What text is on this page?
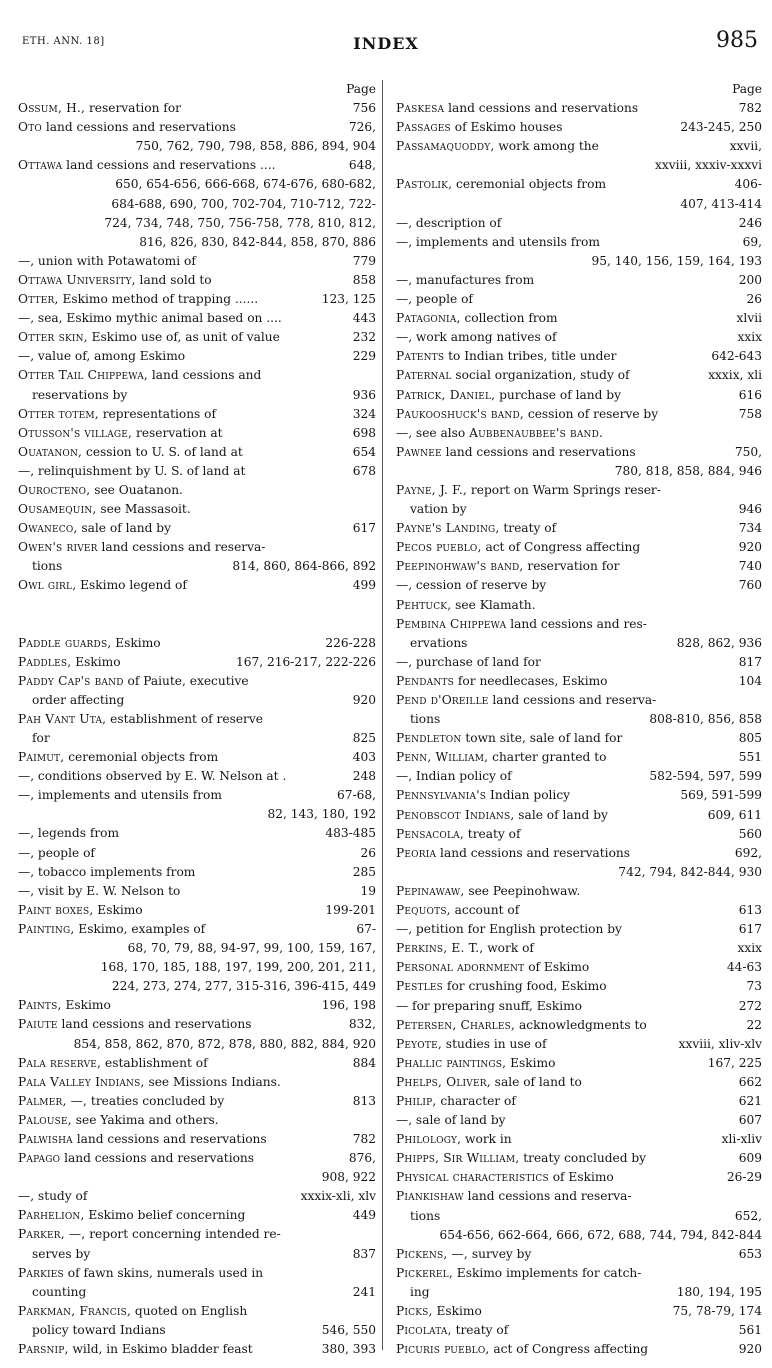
ETH. ANN. 18]	INDEX	985
Page
Ossum, H., reservation for	756
Oto land cessions and reservations	726,
750, 762, 790, 798, 858, 886, 894, 904
Ottawa land cessions and reservations ....	648,
650, 654-656, 666-668, 674-676, 680-682,
684-688, 690, 700, 702-704, 710-712, 722-
724, 734, 748, 750, 756-758, 778, 810, 812,
816, 826, 830, 842-844, 858, 870, 886
—, union with Potawatomi of	779
Ottawa University, land sold to	858
Otter, Eskimo method of trapping ......	123, 125
—, sea, Eskimo mythic animal based on ....	443
Otter skin, Eskimo use of, as unit of value	232
—, value of, among Eskimo	229
Otter Tail Chippewa, land cessions and
reservations by	936
Otter totem, representations of	324
Otusson's village, reservation at	698
Ouatanon, cession to U. S. of land at	654
—, relinquishment by U. S. of land at	678
Ourocteno, see Ouatanon.
Ousamequin, see Massasoit.
Owaneco, sale of land by	617
Owen's river land cessions and reserva-
tions	814, 860, 864-866, 892
Owl girl, Eskimo legend of	499
Paddle guards, Eskimo	226-228
Paddles, Eskimo	167, 216-217, 222-226
Paddy Cap's band of Paiute, executive
order affecting	920
Pah Vant Uta, establishment of reserve
for	825
Paimut, ceremonial objects from	403
—, conditions observed by E. W. Nelson at .	248
—, implements and utensils from	67-68,
82, 143, 180, 192
—, legends from	483-485
—, people of	26
—, tobacco implements from	285
—, visit by E. W. Nelson to	19
Paint boxes, Eskimo	199-201
Painting, Eskimo, examples of	67-
68, 70, 79, 88, 94-97, 99, 100, 159, 167,
168, 170, 185, 188, 197, 199, 200, 201, 211,
224, 273, 274, 277, 315-316, 396-415, 449
Paints, Eskimo	196, 198
Paiute land cessions and reservations	832,
854, 858, 862, 870, 872, 878, 880, 882, 884, 920
Pala reserve, establishment of	884
Pala Valley Indians, see Missions Indians.
Palmer, —, treaties concluded by	813
Palouse, see Yakima and others.
Palwisha land cessions and reservations	782
Papago land cessions and reservations	876,
908, 922
—, study of	xxxix-xli, xlv
Parhelion, Eskimo belief concerning	449
Parker, —, report concerning intended re-
serves by	837
Parkies of fawn skins, numerals used in
counting	241
Parkman, Francis, quoted on English
policy toward Indians	546, 550
Parsnip, wild, in Eskimo bladder feast	380, 393
Page
Paskesa land cessions and reservations	782
Passages of Eskimo houses	243-245, 250
Passamaquoddy, work among the	xxvii,
xxviii, xxxiv-xxxvi
Pastolik, ceremonial objects from	406-
407, 413-414
—, description of	246
—, implements and utensils from	69,
95, 140, 156, 159, 164, 193
—, manufactures from	200
—, people of	26
Patagonia, collection from	xlvii
—, work among natives of	xxix
Patents to Indian tribes, title under	642-643
Paternal social organization, study of	xxxix, xli
Patrick, Daniel, purchase of land by	616
Paukooshuck's band, cession of reserve by	758
—, see also Aubbenaubbee's band.
Pawnee land cessions and reservations	750,
780, 818, 858, 884, 946
Payne, J. F., report on Warm Springs reser-
vation by	946
Payne's Landing, treaty of	734
Pecos pueblo, act of Congress affecting	920
Peepinohwaw's band, reservation for	740
—, cession of reserve by	760
Pehtuck, see Klamath.
Pembina Chippewa land cessions and res-
ervations	828, 862, 936
—, purchase of land for	817
Pendants for needlecases, Eskimo	104
Pend d'Oreille land cessions and reserva-
tions	808-810, 856, 858
Pendleton town site, sale of land for	805
Penn, William, charter granted to	551
—, Indian policy of	582-594, 597, 599
Pennsylvania's Indian policy	569, 591-599
Penobscot Indians, sale of land by	609, 611
Pensacola, treaty of	560
Peoria land cessions and reservations	692,
742, 794, 842-844, 930
Pepinawaw, see Peepinohwaw.
Pequots, account of	613
—, petition for English protection by	617
Perkins, E. T., work of	xxix
Personal adornment of Eskimo	44-63
Pestles for crushing food, Eskimo	73
— for preparing snuff, Eskimo	272
Petersen, Charles, acknowledgments to	22
Peyote, studies in use of	xxviii, xliv-xlv
Phallic paintings, Eskimo	167, 225
Phelps, Oliver, sale of land to	662
Philip, character of	621
—, sale of land by	607
Philology, work in	xli-xliv
Phipps, Sir William, treaty concluded by	609
Physical characteristics of Eskimo	26-29
Piankishaw land cessions and reserva-
tions	652,
654-656, 662-664, 666, 672, 688, 744, 794, 842-844
Pickens, —, survey by	653
Pickerel, Eskimo implements for catch-
ing	180, 194, 195
Picks, Eskimo	75, 78-79, 174
Picolata, treaty of	561
Picuris pueblo, act of Congress affecting	920
